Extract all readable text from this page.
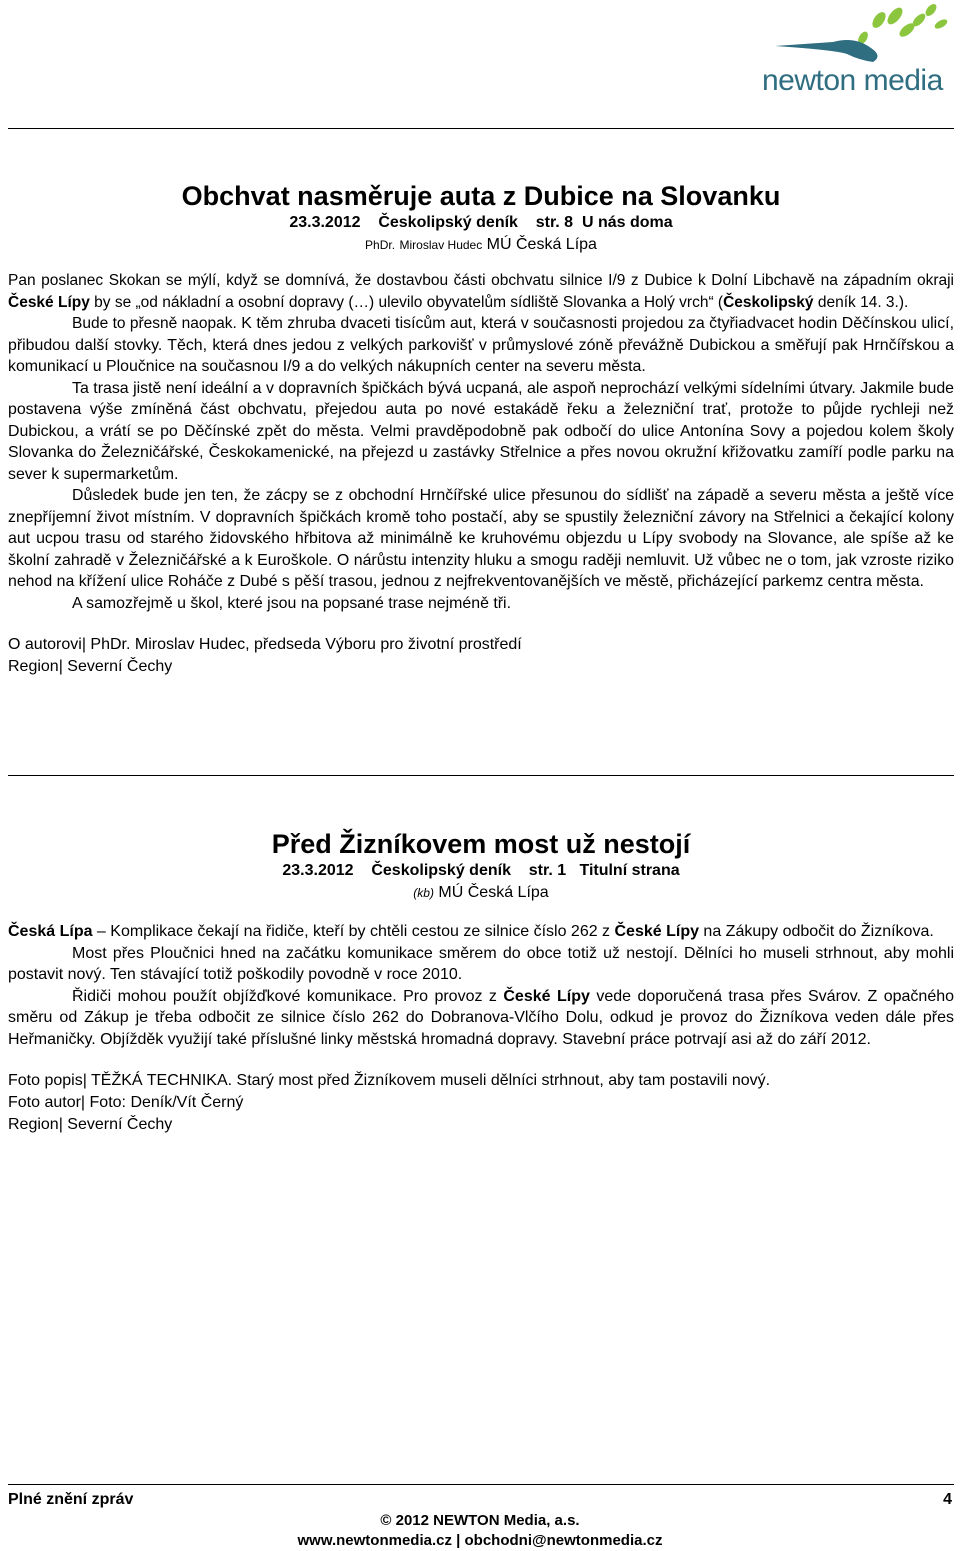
newton media
Obchvat nasměruje auta z Dubice na Slovanku
23.3.2012 Českolipský deník str. 8 U nás doma
PhDr. Miroslav Hudec MÚ Česká Lípa

Pan poslanec Skokan se mýlí, když se domnívá, že dostavbou části obchvatu silnice I/9 z Dubice k Dolní Libchavě na západním okraji České Lípy by se „od nákladní a osobní dopravy (…) ulevilo obyvatelům sídliště Slovanka a Holý vrch“ (Českolipský deník 14. 3.).

Bude to přesně naopak. K těm zhruba dvaceti tisícům aut, která v současnosti projedou za čtyřiadvacet hodin Děčínskou ulicí, přibudou další stovky. Těch, která dnes jedou z velkých parkovišť v průmyslové zóně převážně Dubickou a směřují pak Hrnčířskou a komunikací u Ploučnice na současnou I/9 a do velkých nákupních center na severu města.

Ta trasa jistě není ideální a v dopravních špičkách bývá ucpaná, ale aspoň neprochází velkými sídelními útvary. Jakmile bude postavena výše zmíněná část obchvatu, přejedou auta po nové estakádě řeku a železniční trať, protože to půjde rychleji než Dubickou, a vrátí se po Děčínské zpět do města. Velmi pravděpodobně pak odbočí do ulice Antonína Sovy a pojedou kolem školy Slovanka do Železničářské, Českokamenické, na přejezd u zastávky Střelnice a přes novou okružní křižovatku zamíří podle parku na sever k supermarketům.

Důsledek bude jen ten, že zácpy se z obchodní Hrnčířské ulice přesunou do sídlišť na západě a severu města a ještě více znepříjemní život místním. V dopravních špičkách kromě toho postačí, aby se spustily železniční závory na Střelnici a čekající kolony aut ucpou trasu od starého židovského hřbitova až minimálně ke kruhovému objezdu u Lípy svobody na Slovance, ale spíše až ke školní zahradě v Železničářské a k Euroškole. O nárůstu intenzity hluku a smogu raději nemluvit. Už vůbec ne o tom, jak vzroste riziko nehod na křížení ulice Roháče z Dubé s pěší trasou, jednou z nejfrekventovanějších ve městě, přicházející parkemz centra města.

A samozřejmě u škol, které jsou na popsané trase nejméně tři.

O autorovi| PhDr. Miroslav Hudec, předseda Výboru pro životní prostředí
Region| Severní Čechy
Před Žizníkovem most už nestojí
23.3.2012 Českolipský deník str. 1 Titulní strana
(kb) MÚ Česká Lípa

Česká Lípa – Komplikace čekají na řidiče, kteří by chtěli cestou ze silnice číslo 262 z České Lípy na Zákupy odbočit do Žizníkova.

Most přes Ploučnici hned na začátku komunikace směrem do obce totiž už nestojí. Dělníci ho museli strhnout, aby mohli postavit nový. Ten stávající totiž poškodily povodně v roce 2010.

Řidiči mohou použít objížďkové komunikace. Pro provoz z České Lípy vede doporučená trasa přes Svárov. Z opačného směru od Zákup je třeba odbočit ze silnice číslo 262 do Dobranova-Vlčího Dolu, odkud je provoz do Žizníkova veden dále přes Heřmaničky. Objížděk využijí také příslušné linky městská hromadná dopravy. Stavební práce potrvají asi až do září 2012.

Foto popis| TĚŽKÁ TECHNIKA. Starý most před Žizníkovem museli dělníci strhnout, aby tam postavili nový.
Foto autor| Foto: Deník/Vít Černý
Region| Severní Čechy
Plné znění zpráv	4
© 2012 NEWTON Media, a.s.
www.newtonmedia.cz | obchodni@newtonmedia.cz
